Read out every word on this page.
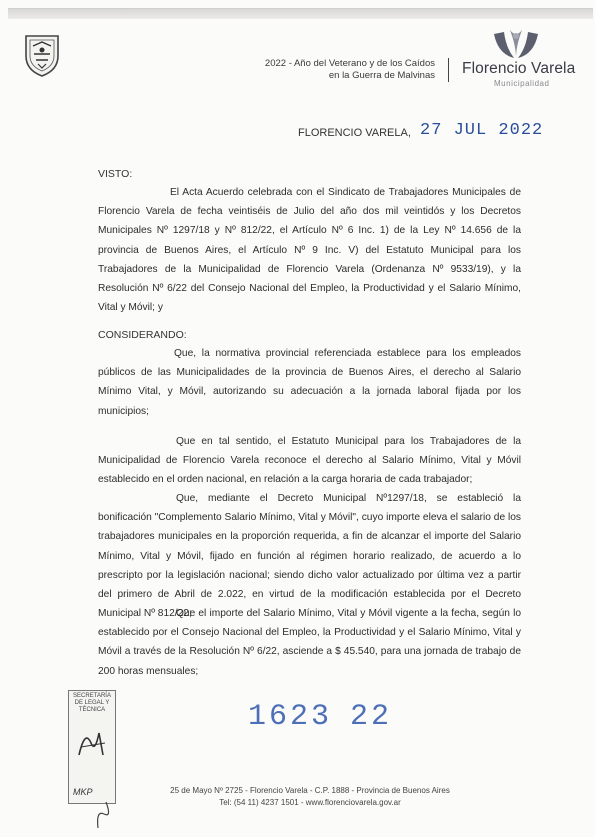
2022 - Año del Veterano y de los Caídos
en la Guerra de Malvinas Florencio Varela
Municipalidad
FLORENCIO VARELA, 27 JUL 2022
VISTO:

El Acta Acuerdo celebrada con el Sindicato de Trabajadores Municipales de Florencio Varela de fecha veintiséis de Julio del año dos mil veintidós y los Decretos Municipales Nº 1297/18 y Nº 812/22, el Artículo Nº 6 Inc. 1) de la Ley Nº 14.656 de la provincia de Buenos Aires, el Artículo Nº 9 Inc. V) del Estatuto Municipal para los Trabajadores de la Municipalidad de Florencio Varela (Ordenanza Nº 9533/19), y la Resolución Nº 6/22 del Consejo Nacional del Empleo, la Productividad y el Salario Mínimo, Vital y Móvil; y

CONSIDERANDO:

Que, la normativa provincial referenciada establece para los empleados públicos de las Municipalidades de la provincia de Buenos Aires, el derecho al Salario Mínimo Vital, y Móvil, autorizando su adecuación a la jornada laboral fijada por los municipios;

Que en tal sentido, el Estatuto Municipal para los Trabajadores de la Municipalidad de Florencio Varela reconoce el derecho al Salario Mínimo, Vital y Móvil establecido en el orden nacional, en relación a la carga horaria de cada trabajador;

Que, mediante el Decreto Municipal Nº1297/18, se estableció la bonificación "Complemento Salario Mínimo, Vital y Móvil", cuyo importe eleva el salario de los trabajadores municipales en la proporción requerida, a fin de alcanzar el importe del Salario Mínimo, Vital y Móvil, fijado en función al régimen horario realizado, de acuerdo a lo prescripto por la legislación nacional; siendo dicho valor actualizado por última vez a partir del primero de Abril de 2.022, en virtud de la modificación establecida por el Decreto Municipal Nº 812/22;

Que el importe del Salario Mínimo, Vital y Móvil vigente a la fecha, según lo establecido por el Consejo Nacional del Empleo, la Productividad y el Salario Mínimo, Vital y Móvil a través de la Resolución Nº 6/22, asciende a $ 45.540, para una jornada de trabajo de 200 horas mensuales;

1623 22
SECRETARÍA DE LEGAL Y TÉCNICA
MKP	25 de Mayo Nº 2725 - Florencio Varela - C.P. 1888 - Provincia de Buenos Aires
Tel: (54 11) 4237 1501 - www.florenciovarela.gov.ar
